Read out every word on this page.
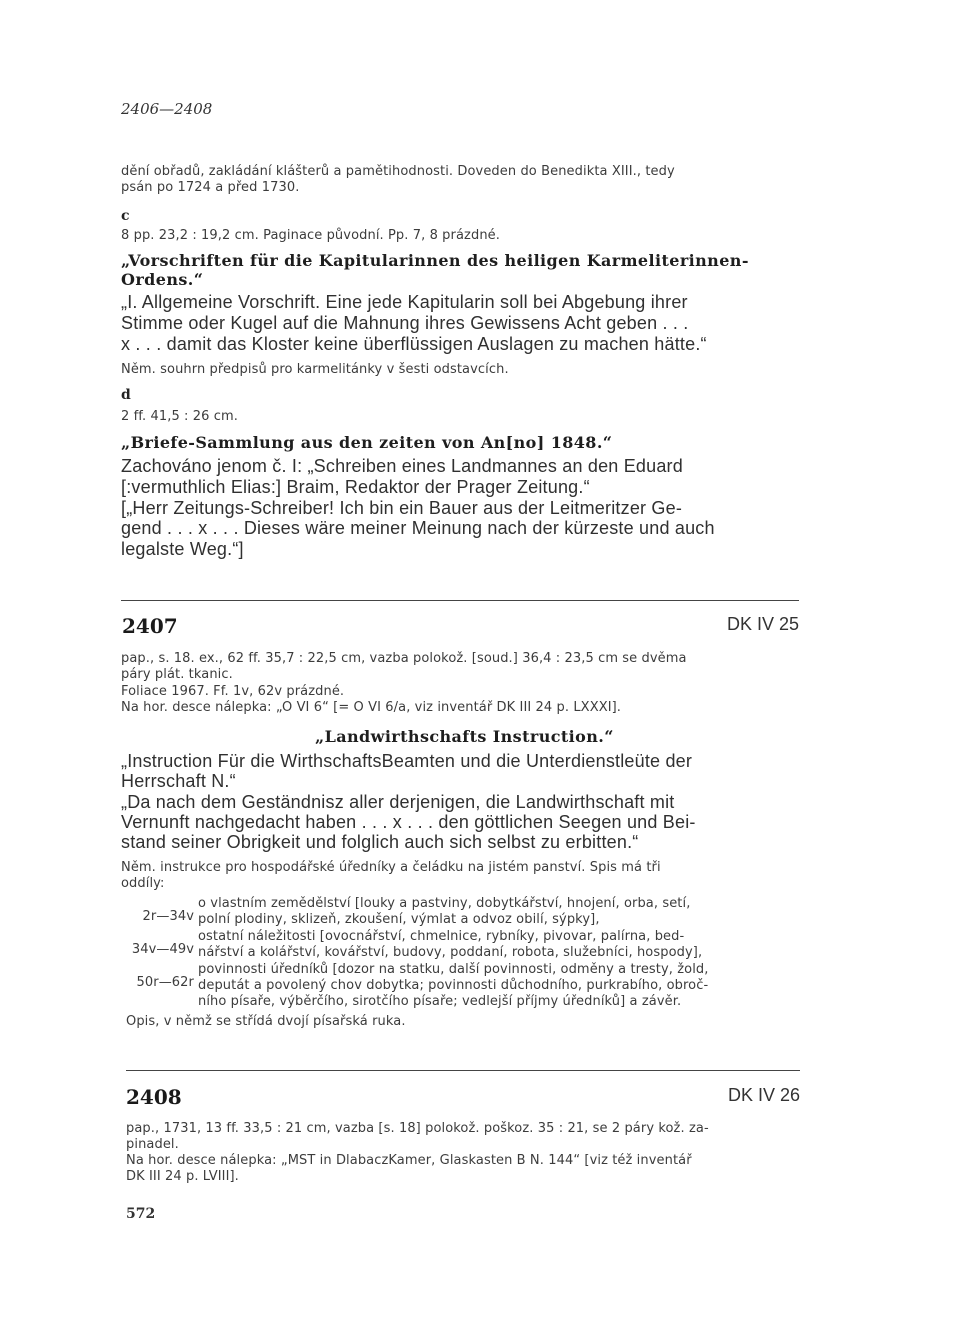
2406—2408

dění obřadů, zakládání klášterů a pamětihodnosti. Doveden do Benedikta XIII., tedy

psán po 1724 a před 1730.

c

8 pp. 23,2 : 19,2 cm. Paginace původní. Pp. 7, 8 prázdné.

„Vorschriften für die Kapitularinnen des heiligen Karmeliterinnen-

Ordens.“

„I. Allgemeine Vorschrift. Eine jede Kapitularin soll bei Abgebung ihrer

Stimme oder Kugel auf die Mahnung ihres Gewissens Acht geben . . .

x . . . damit das Kloster keine überflüssigen Auslagen zu machen hätte.“

Něm. souhrn předpisů pro karmelitánky v šesti odstavcích.

d

2 ff. 41,5 : 26 cm.

„Briefe-Sammlung aus den zeiten von An[no] 1848.“

Zachováno jenom č. I: „Schreiben eines Landmannes an den Eduard

[:vermuthlich Elias:] Braim, Redaktor der Prager Zeitung.“

[„Herr Zeitungs-Schreiber! Ich bin ein Bauer aus der Leitmeritzer Ge-

gend . . . x . . . Dieses wäre meiner Meinung nach der kürzeste und auch

legalste Weg.“]

2407	DK IV 25

pap., s. 18. ex., 62 ff. 35,7 : 22,5 cm, vazba polokož. [soud.] 36,4 : 23,5 cm se dvěma

páry plát. tkanic.

Foliace 1967. Ff. 1v, 62v prázdné.

Na hor. desce nálepka: „O VI 6“ [= O VI 6/a, viz inventář DK III 24 p. LXXXI].

„Landwirthschafts Instruction.“

„Instruction Für die WirthschaftsBeamten und die Unterdienstleüte der

Herrschaft N.“

„Da nach dem Geständnisz aller derjenigen, die Landwirthschaft mit

Vernunft nachgedacht haben . . . x . . . den göttlichen Seegen und Bei-

stand seiner Obrigkeit und folglich auch sich selbst zu erbitten.“

Něm. instrukce pro hospodářské úředníky a čeládku na jistém panství. Spis má tři

oddíly:

2r—34v

o vlastním zemědělství [louky a pastviny, dobytkářství, hnojení, orba, setí,

polní plodiny, sklizeň, zkoušení, výmlat a odvoz obilí, sýpky],

34v—49v

ostatní náležitosti [ovocnářství, chmelnice, rybníky, pivovar, palírna, bed-

nářství a kolářství, kovářství, budovy, poddaní, robota, služebníci, hospody],

50r—62r

povinnosti úředníků [dozor na statku, další povinnosti, odměny a tresty, žold,

deputát a povolený chov dobytka; povinnosti důchodního, purkrabího, obroč-

ního písaře, výběrčího, sirotčího písaře; vedlejší příjmy úředníků] a závěr.

Opis, v němž se střídá dvojí písařská ruka.

2408	DK IV 26

pap., 1731, 13 ff. 33,5 : 21 cm, vazba [s. 18] polokož. poškoz. 35 : 21, se 2 páry kož. za-

pinadel.

Na hor. desce nálepka: „MST in DlabaczKamer, Glaskasten B N. 144“ [viz též inventář

DK III 24 p. LVIII].

572
